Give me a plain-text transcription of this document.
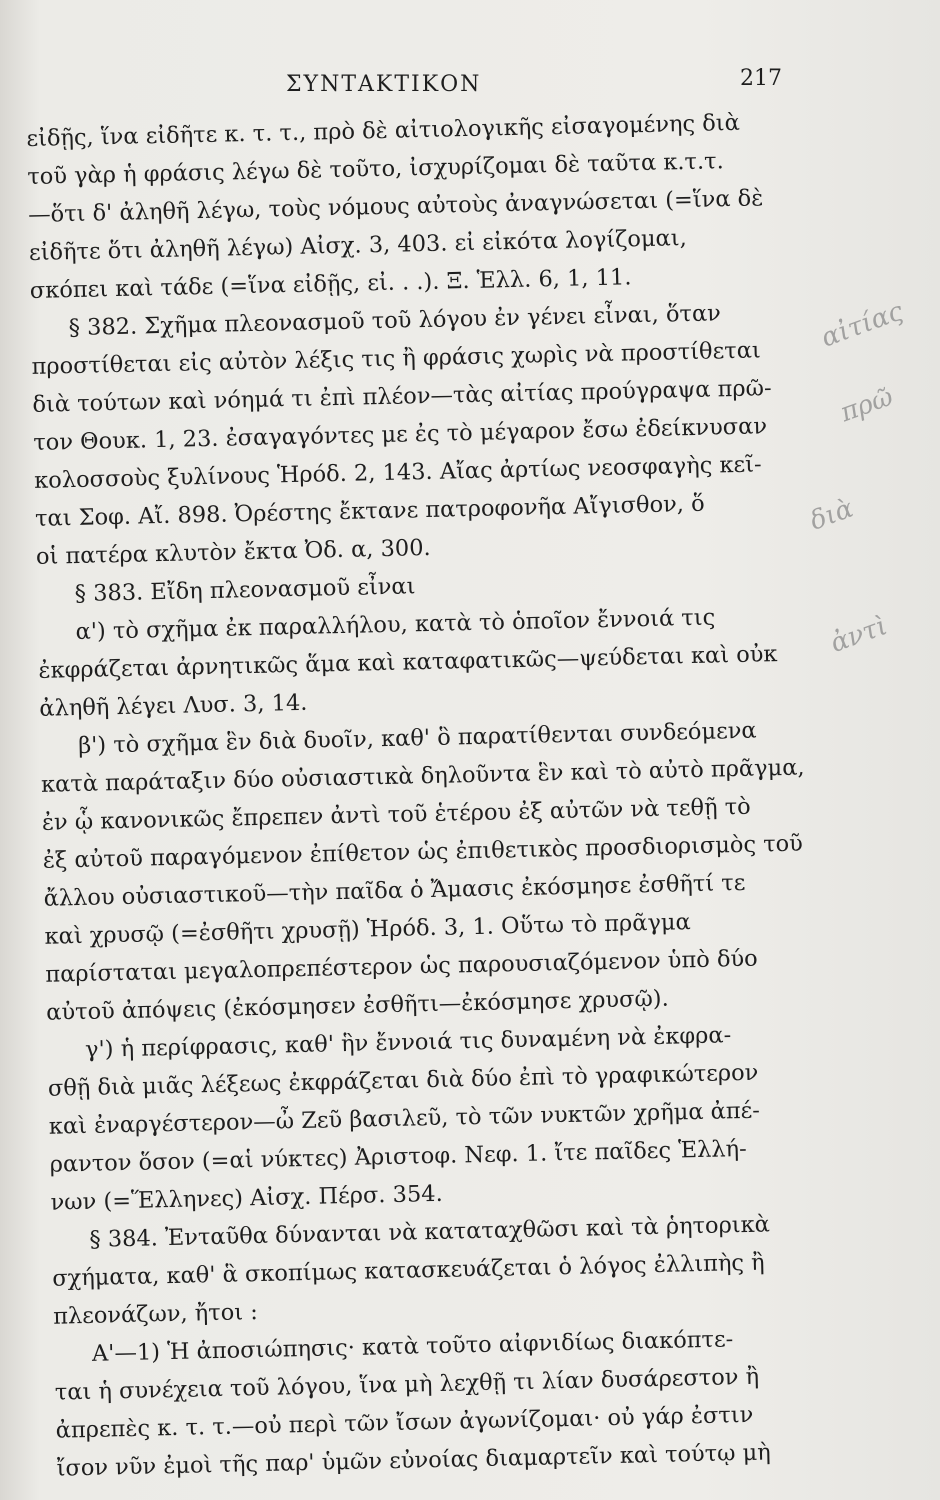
ΣΥΝΤΑΚΤΙΚΟΝ	217
εἰδῇς, ἵνα εἰδῆτε κ. τ. τ., πρὸ δὲ αἰτιολογικῆς εἰσαγομένης διὰ
τοῦ γὰρ ἡ φράσις λέγω δὲ τοῦτο, ἰσχυρίζομαι δὲ ταῦτα κ.τ.τ.
—ὅτι δ' ἀληθῆ λέγω, τοὺς νόμους αὐτοὺς ἀναγνώσεται (=ἵνα δὲ
εἰδῆτε ὅτι ἀληθῆ λέγω) Αἰσχ. 3, 403. εἰ εἰκότα λογίζομαι,
σκόπει καὶ τάδε (=ἵνα εἰδῇς, εἰ. . .). Ξ. Ἑλλ. 6, 1, 11.
§ 382. Σχῆμα πλεονασμοῦ τοῦ λόγου ἐν γένει εἶναι, ὅταν
προστίθεται εἰς αὐτὸν λέξις τις ἢ φράσις χωρὶς νὰ προστίθεται
διὰ τούτων καὶ νόημά τι ἐπὶ πλέον—τὰς αἰτίας προύγραψα πρῶ-
τον Θουκ. 1, 23. ἐσαγαγόντες με ἐς τὸ μέγαρον ἔσω ἐδείκνυσαν
κολοσσοὺς ξυλίνους Ἡρόδ. 2, 143. Αἴας ἀρτίως νεοσφαγὴς κεῖ-
ται Σοφ. Αἴ. 898. Ὀρέστης ἔκτανε πατροφονῆα Αἴγισθον, ὅ
οἱ πατέρα κλυτὸν ἔκτα Ὀδ. α, 300.
§ 383. Εἴδη πλεονασμοῦ εἶναι
α') τὸ σχῆμα ἐκ παραλλήλου, κατὰ τὸ ὁποῖον ἔννοιά τις
ἐκφράζεται ἀρνητικῶς ἅμα καὶ καταφατικῶς—ψεύδεται καὶ οὐκ
ἀληθῆ λέγει Λυσ. 3, 14.
β') τὸ σχῆμα ἓν διὰ δυοῖν, καθ' ὃ παρατίθενται συνδεόμενα
κατὰ παράταξιν δύο οὐσιαστικὰ δηλοῦντα ἓν καὶ τὸ αὐτὸ πρᾶγμα,
ἐν ᾧ κανονικῶς ἔπρεπεν ἀντὶ τοῦ ἑτέρου ἐξ αὐτῶν νὰ τεθῇ τὸ
ἐξ αὐτοῦ παραγόμενον ἐπίθετον ὡς ἐπιθετικὸς προσδιορισμὸς τοῦ
ἄλλου οὐσιαστικοῦ—τὴν παῖδα ὁ Ἄμασις ἐκόσμησε ἐσθῆτί τε
καὶ χρυσῷ (=ἐσθῆτι χρυσῇ) Ἡρόδ. 3, 1. Οὕτω τὸ πρᾶγμα
παρίσταται μεγαλοπρεπέστερον ὡς παρουσιαζόμενον ὑπὸ δύο
αὐτοῦ ἀπόψεις (ἐκόσμησεν ἐσθῆτι—ἐκόσμησε χρυσῷ).
γ') ἡ περίφρασις, καθ' ἣν ἔννοιά τις δυναμένη νὰ ἐκφρα-
σθῇ διὰ μιᾶς λέξεως ἐκφράζεται διὰ δύο ἐπὶ τὸ γραφικώτερον
καὶ ἐναργέστερον—ὦ Ζεῦ βασιλεῦ, τὸ τῶν νυκτῶν χρῆμα ἀπέ-
ραντον ὅσον (=αἱ νύκτες) Ἀριστοφ. Νεφ. 1. ἴτε παῖδες Ἑλλή-
νων (=Ἕλληνες) Αἰσχ. Πέρσ. 354.
§ 384. Ἐνταῦθα δύνανται νὰ καταταχθῶσι καὶ τὰ ῥητορικὰ
σχήματα, καθ' ἃ σκοπίμως κατασκευάζεται ὁ λόγος ἐλλιπὴς ἢ
πλεονάζων, ἤτοι :
Α'—1) Ἡ ἀποσιώπησις· κατὰ τοῦτο αἰφνιδίως διακόπτε-
ται ἡ συνέχεια τοῦ λόγου, ἵνα μὴ λεχθῇ τι λίαν δυσάρεστον ἢ
ἀπρεπὲς κ. τ. τ.—οὐ περὶ τῶν ἴσων ἀγωνίζομαι· οὐ γάρ ἐστιν
ἴσον νῦν ἐμοὶ τῆς παρ' ὑμῶν εὐνοίας διαμαρτεῖν καὶ τούτῳ μὴ
αἰτίας
πρῶ
διὰ
ἀντὶ
